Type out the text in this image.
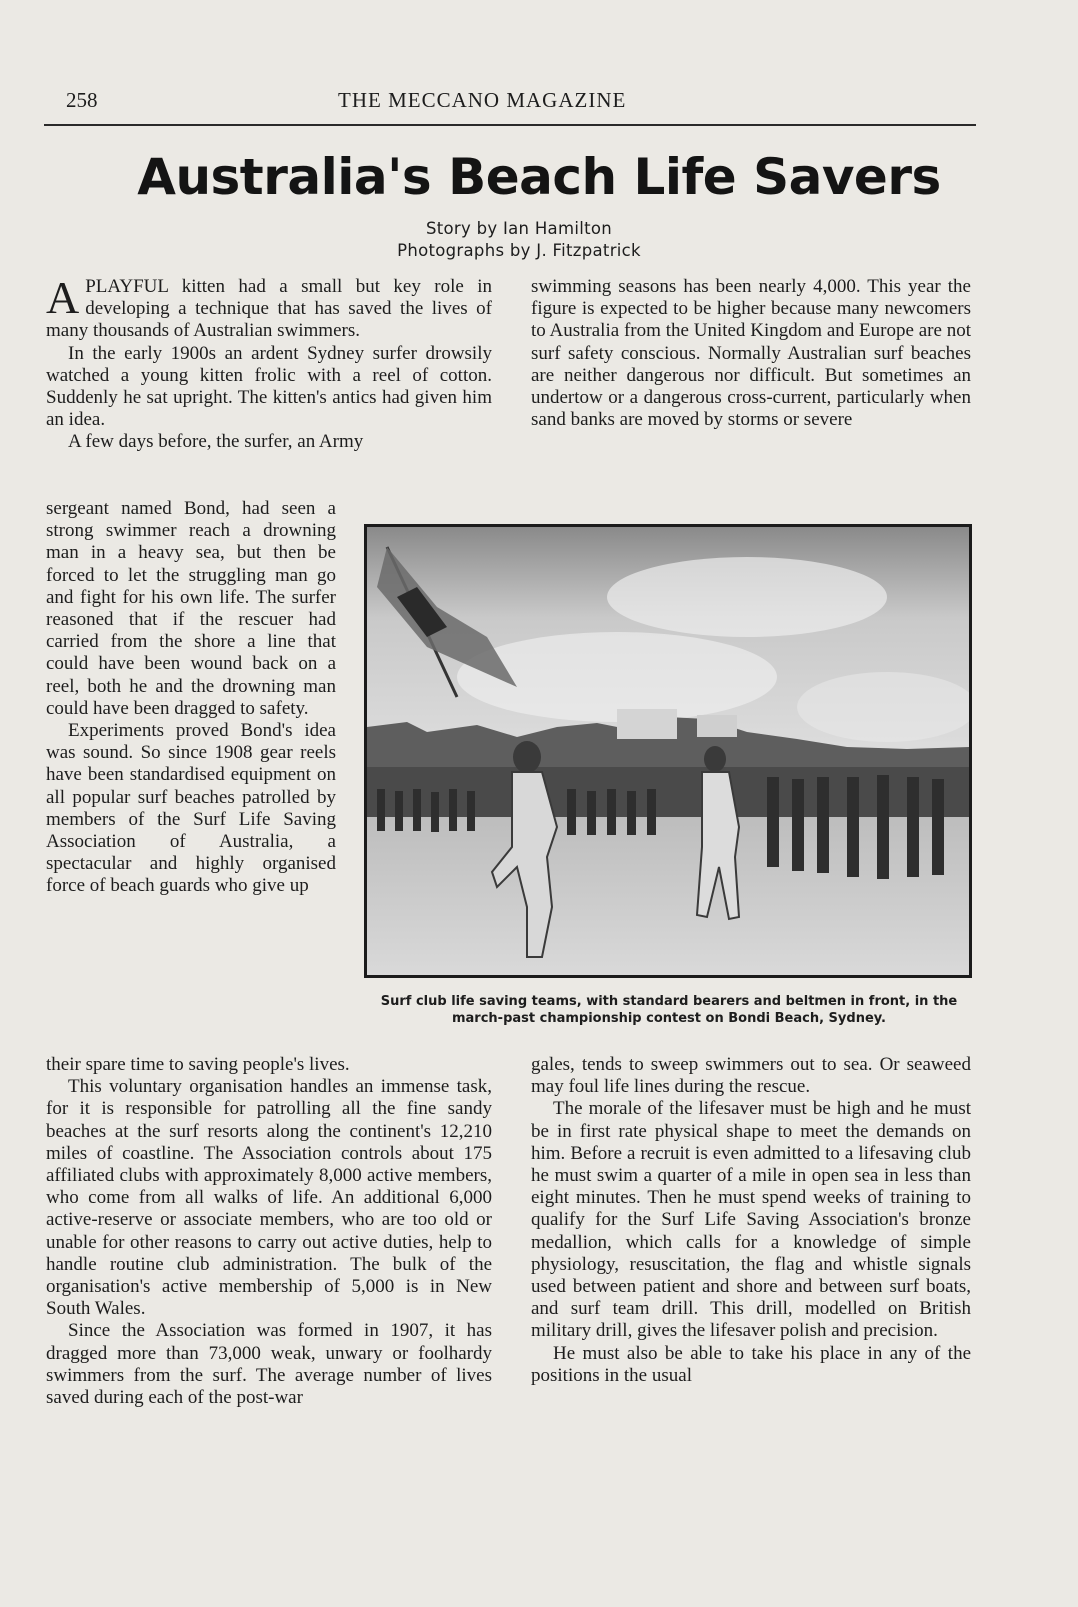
258	THE MECCANO MAGAZINE
Australia's Beach Life Savers
Story by Ian Hamilton
Photographs by J. Fitzpatrick

APLAYFUL kitten had a small but key role in developing a technique that has saved the lives of many thousands of Australian swimmers.

In the early 1900s an ardent Sydney surfer drowsily watched a young kitten frolic with a reel of cotton. Suddenly he sat upright. The kitten's antics had given him an idea.

A few days before, the surfer, an Army

sergeant named Bond, had seen a strong swimmer reach a drowning man in a heavy sea, but then be forced to let the struggling man go and fight for his own life. The surfer reasoned that if the rescuer had carried from the shore a line that could have been wound back on a reel, both he and the drowning man could have been dragged to safety.

Experiments proved Bond's idea was sound. So since 1908 gear reels have been standardised equipment on all popular surf beaches patrolled by members of the Surf Life Saving Association of Australia, a spectacular and highly organised force of beach guards who give up

their spare time to saving people's lives.

This voluntary organisation handles an immense task, for it is responsible for patrolling all the fine sandy beaches at the surf resorts along the continent's 12,210 miles of coastline. The Association controls about 175 affiliated clubs with approximately 8,000 active members, who come from all walks of life. An additional 6,000 active-reserve or associate members, who are too old or unable for other reasons to carry out active duties, help to handle routine club administration. The bulk of the organisation's active membership of 5,000 is in New South Wales.

Since the Association was formed in 1907, it has dragged more than 73,000 weak, unwary or foolhardy swimmers from the surf. The average number of lives saved during each of the post-war

swimming seasons has been nearly 4,000. This year the figure is expected to be higher because many newcomers to Australia from the United Kingdom and Europe are not surf safety conscious. Normally Australian surf beaches are neither dangerous nor difficult. But sometimes an undertow or a dangerous cross-current, particularly when sand banks are moved by storms or severe

Surf club life saving teams, with standard bearers and beltmen in front, in the march-past championship contest on Bondi Beach, Sydney.

gales, tends to sweep swimmers out to sea. Or seaweed may foul life lines during the rescue.

The morale of the lifesaver must be high and he must be in first rate physical shape to meet the demands on him. Before a recruit is even admitted to a lifesaving club he must swim a quarter of a mile in open sea in less than eight minutes. Then he must spend weeks of training to qualify for the Surf Life Saving Association's bronze medallion, which calls for a knowledge of simple physiology, resuscitation, the flag and whistle signals used between patient and shore and between surf boats, and surf team drill. This drill, modelled on British military drill, gives the lifesaver polish and precision.

He must also be able to take his place in any of the positions in the usual
